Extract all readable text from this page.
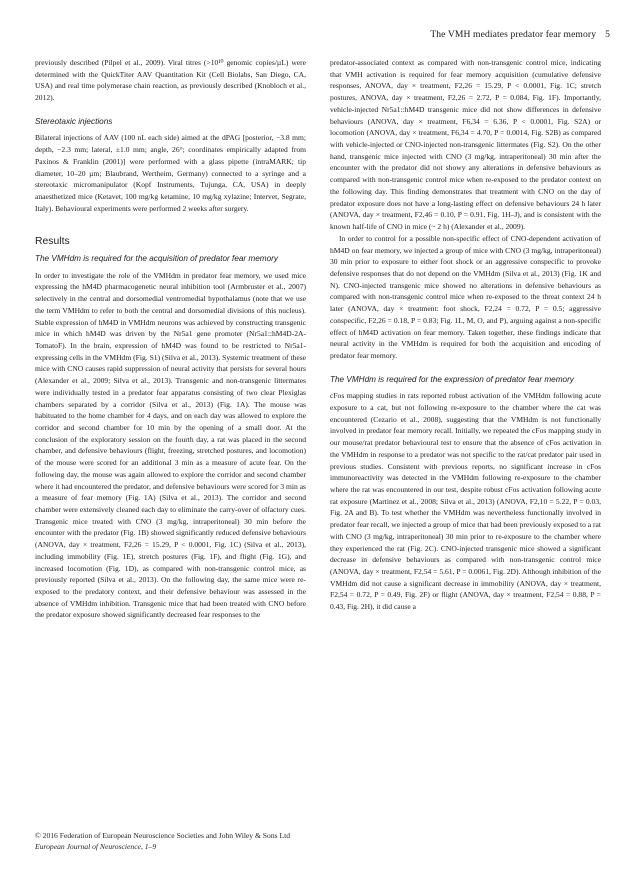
The VMH mediates predator fear memory 5

previously described (Pilpel et al., 2009). Viral titres (>10¹⁰ genomic copies/µL) were determined with the QuickTiter AAV Quantitation Kit (Cell Biolabs, San Diego, CA, USA) and real time polymerase chain reaction, as previously described (Knobloch et al., 2012).

Stereotaxic injections

Bilateral injections of AAV (100 nL each side) aimed at the dPAG [posterior, −3.8 mm; depth, −2.3 mm; lateral, ±1.0 mm; angle, 26°; coordinates empirically adapted from Paxinos & Franklin (2001)] were performed with a glass pipette (intraMARK; tip diameter, 10–20 µm; Blaubrand, Wertheim, Germany) connected to a syringe and a stereotaxic micromanipulator (Kopf Instruments, Tujunga, CA, USA) in deeply anaesthetized mice (Ketavet, 100 mg/kg ketamine, 10 mg/kg xylazine; Intervet, Segrate, Italy). Behavioural experiments were performed 2 weeks after surgery.

Results
The VMHdm is required for the acquisition of predator fear memory

In order to investigate the role of the VMHdm in predator fear memory, we used mice expressing the hM4D pharmacogenetic neural inhibition tool (Armbruster et al., 2007) selectively in the central and dorsomedial ventromedial hypothalamus (note that we use the term VMHdm to refer to both the central and dorsomedial divisions of this nucleus). Stable expression of hM4D in VMHdm neurons was achieved by constructing transgenic mice in which hM4D was driven by the Nr5a1 gene promoter (Nr5a1::hM4D-2A-TomatoF). In the brain, expression of hM4D was found to be restricted to Nr5a1-expressing cells in the VMHdm (Fig. S1) (Silva et al., 2013). Systemic treatment of these mice with CNO causes rapid suppression of neural activity that persists for several hours (Alexander et al., 2009; Silva et al., 2013). Transgenic and non-transgenic littermates were individually tested in a predator fear apparatus consisting of two clear Plexiglas chambers separated by a corridor (Silva et al., 2013) (Fig. 1A). The mouse was habituated to the home chamber for 4 days, and on each day was allowed to explore the corridor and second chamber for 10 min by the opening of a small door. At the conclusion of the exploratory session on the fourth day, a rat was placed in the second chamber, and defensive behaviours (flight, freezing, stretched postures, and locomotion) of the mouse were scored for an additional 3 min as a measure of acute fear. On the following day, the mouse was again allowed to explore the corridor and second chamber where it had encountered the predator, and defensive behaviours were scored for 3 min as a measure of fear memory (Fig. 1A) (Silva et al., 2013). The corridor and second chamber were extensively cleaned each day to eliminate the carry-over of olfactory cues. Transgenic mice treated with CNO (3 mg/kg, intraperitoneal) 30 min before the encounter with the predator (Fig. 1B) showed significantly reduced defensive behaviours (ANOVA, day × treatment, F2,26 = 15.29, P < 0.0001, Fig. 1C) (Silva et al., 2013), including immobility (Fig. 1E), stretch postures (Fig. 1F), and flight (Fig. 1G), and increased locomotion (Fig. 1D), as compared with non-transgenic control mice, as previously reported (Silva et al., 2013). On the following day, the same mice were re-exposed to the predatory context, and their defensive behaviour was assessed in the absence of VMHdm inhibition. Transgenic mice that had been treated with CNO before the predator exposure showed significantly decreased fear responses to the

predator-associated context as compared with non-transgenic control mice, indicating that VMH activation is required for fear memory acquisition (cumulative defensive responses, ANOVA, day × treatment, F2,26 = 15.29, P < 0.0001, Fig. 1C; stretch postures, ANOVA, day × treatment, F2,26 = 2.72, P = 0.084, Fig. 1F). Importantly, vehicle-injected Nr5a1::hM4D transgenic mice did not show differences in defensive behaviours (ANOVA, day × treatment, F6,34 = 6.36, P < 0.0001, Fig. S2A) or locomotion (ANOVA, day × treatment, F6,34 = 4.70, P = 0.0014, Fig. S2B) as compared with vehicle-injected or CNO-injected non-transgenic littermates (Fig. S2). On the other hand, transgenic mice injected with CNO (3 mg/kg, intraperitoneal) 30 min after the encounter with the predator did not showy any alterations in defensive behaviours as compared with non-transgenic control mice when re-exposed to the predator context on the following day. This finding demonstrates that treatment with CNO on the day of predator exposure does not have a long-lasting effect on defensive behaviours 24 h later (ANOVA, day × treatment, F2,46 = 0.10, P = 0.91, Fig. 1H–J), and is consistent with the known half-life of CNO in mice (~ 2 h) (Alexander et al., 2009).

In order to control for a possible non-specific effect of CNO-dependent activation of hM4D on fear memory, we injected a group of mice with CNO (3 mg/kg, intraperitoneal) 30 min prior to exposure to either foot shock or an aggressive conspecific to provoke defensive responses that do not depend on the VMHdm (Silva et al., 2013) (Fig. 1K and N). CNO-injected transgenic mice showed no alterations in defensive behaviours as compared with non-transgenic control mice when re-exposed to the threat context 24 h later (ANOVA, day × treatment: foot shock, F2,24 = 0.72, P = 0.5; aggressive conspecific, F2,26 = 0.18, P = 0.83; Fig. 1L, M, O, and P), arguing against a non-specific effect of hM4D activation on fear memory. Taken together, these findings indicate that neural activity in the VMHdm is required for both the acquisition and encoding of predator fear memory.

The VMHdm is required for the expression of predator fear memory

cFos mapping studies in rats reported robust activation of the VMHdm following acute exposure to a cat, but not following re-exposure to the chamber where the cat was encountered (Cezario et al., 2008), suggesting that the VMHdm is not functionally involved in predator fear memory recall. Initially, we repeated the cFos mapping study in our mouse/rat predator behavioural test to ensure that the absence of cFos activation in the VMHdm in response to a predator was not specific to the rat/cat predator pair used in previous studies. Consistent with previous reports, no significant increase in cFos immunoreactivity was detected in the VMHdm following re-exposure to the chamber where the rat was encountered in our test, despite robust cFos activation following acute rat exposure (Martinez et al., 2008; Silva et al., 2013) (ANOVA, F2,10 = 5.22, P = 0.03, Fig. 2A and B). To test whether the VMHdm was nevertheless functionally involved in predator fear recall, we injected a group of mice that had been previously exposed to a rat with CNO (3 mg/kg, intraperitoneal) 30 min prior to re-exposure to the chamber where they experienced the rat (Fig. 2C). CNO-injected transgenic mice showed a significant decrease in defensive behaviours as compared with non-transgenic control mice (ANOVA, day × treatment, F2,54 = 5.61, P = 0.0061, Fig. 2D). Although inhibition of the VMHdm did not cause a significant decrease in immobility (ANOVA, day × treatment, F2,54 = 0.72, P = 0.49, Fig. 2F) or flight (ANOVA, day × treatment, F2,54 = 0.88, P = 0.43, Fig. 2H), it did cause a

© 2016 Federation of European Neuroscience Societies and John Wiley & Sons Ltd
European Journal of Neuroscience, 1–9
